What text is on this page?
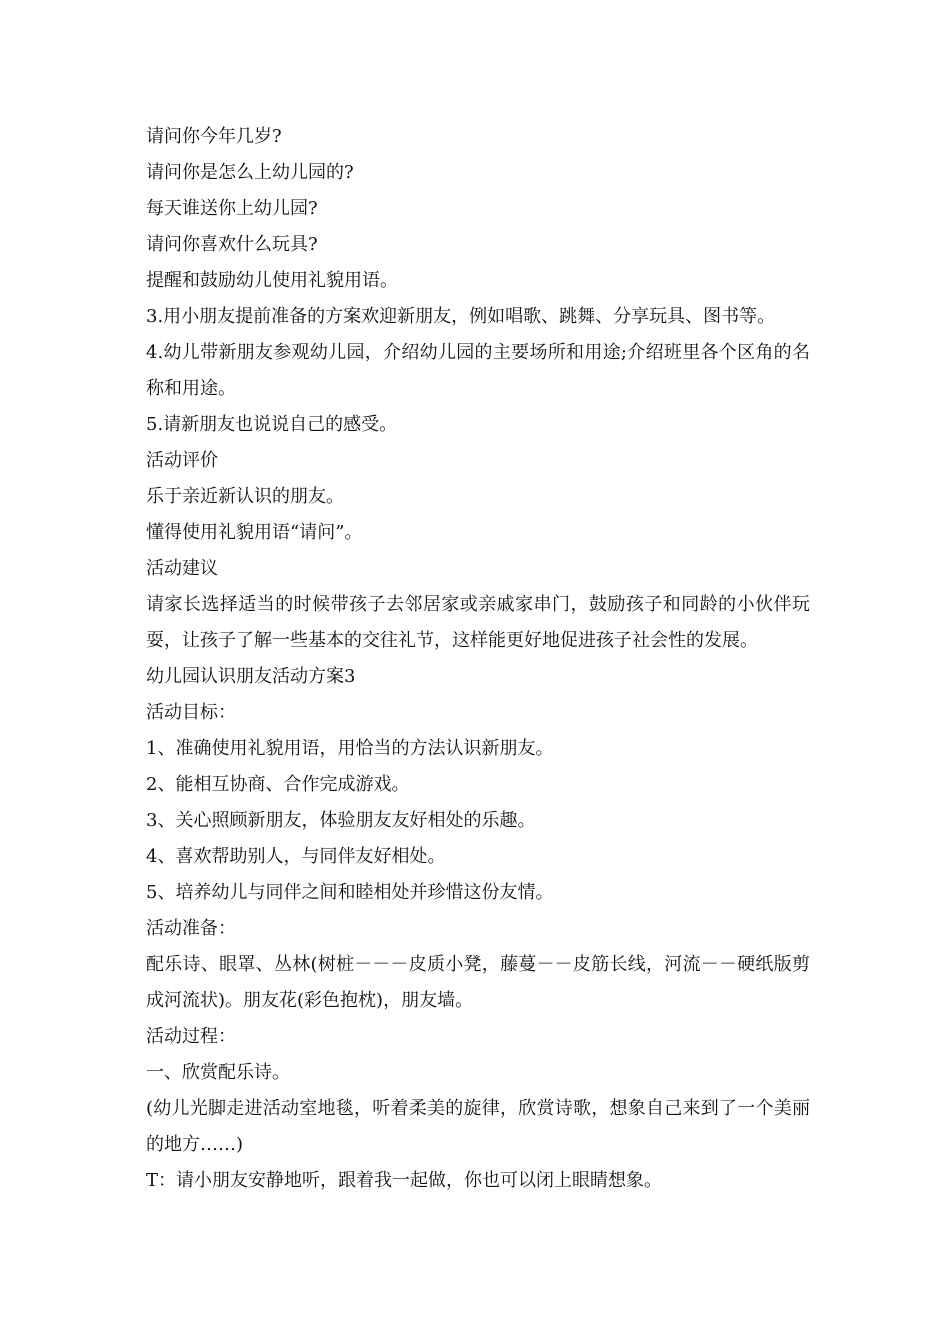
请问你今年几岁?

请问你是怎么上幼儿园的?

每天谁送你上幼儿园?

请问你喜欢什么玩具?

提醒和鼓励幼儿使用礼貌用语。

3.用小朋友提前准备的方案欢迎新朋友，例如唱歌、跳舞、分享玩具、图书等。

4.幼儿带新朋友参观幼儿园，介绍幼儿园的主要场所和用途;介绍班里各个区角的名称和用途。

5.请新朋友也说说自己的感受。

活动评价

乐于亲近新认识的朋友。

懂得使用礼貌用语“请问”。

活动建议

请家长选择适当的时候带孩子去邻居家或亲戚家串门，鼓励孩子和同龄的小伙伴玩耍，让孩子了解一些基本的交往礼节，这样能更好地促进孩子社会性的发展。

幼儿园认识朋友活动方案3

活动目标：

1、准确使用礼貌用语，用恰当的方法认识新朋友。

2、能相互协商、合作完成游戏。

3、关心照顾新朋友，体验朋友友好相处的乐趣。

4、喜欢帮助别人，与同伴友好相处。

5、培养幼儿与同伴之间和睦相处并珍惜这份友情。

活动准备：

配乐诗、眼罩、丛林(树桩－－－皮质小凳，藤蔓－－皮筋长线，河流－－硬纸版剪成河流状)。朋友花(彩色抱枕)，朋友墙。

活动过程：

一、欣赏配乐诗。

(幼儿光脚走进活动室地毯，听着柔美的旋律，欣赏诗歌，想象自己来到了一个美丽的地方……)

T：请小朋友安静地听，跟着我一起做，你也可以闭上眼睛想象。
